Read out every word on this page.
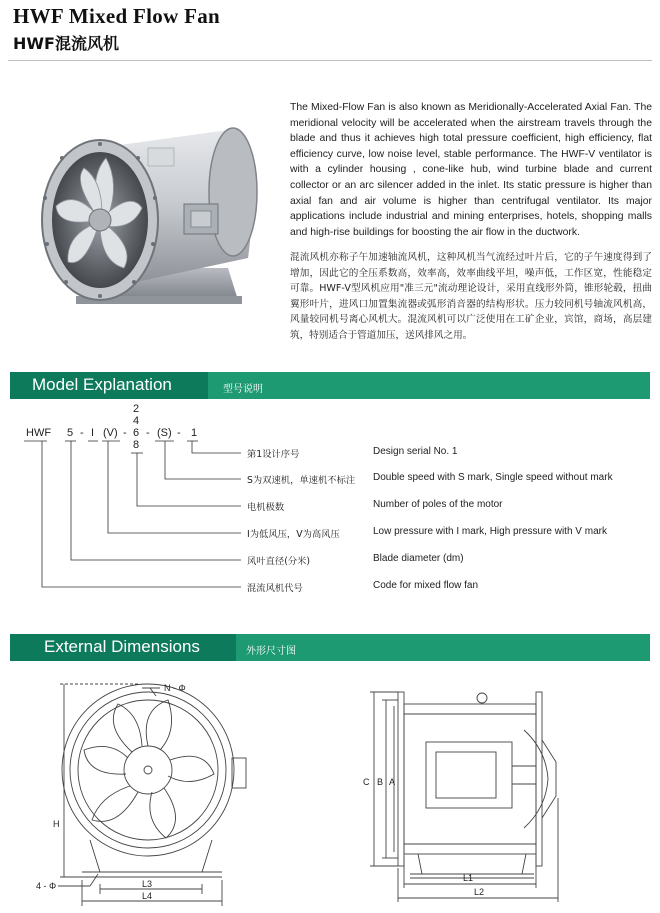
HWF Mixed Flow Fan
HWF混流风机
The Mixed-Flow Fan is also known as Meridionally-Accelerated Axial Fan. The meridional velocity will be accelerated when the airstream travels through the blade and thus it achieves high total pressure coefficient, high efficiency, flat efficiency curve, low noise level, stable performance. The HWF-V ventilator is with a cylinder housing , cone-like hub, wind turbine blade and current collector or an arc silencer added in the inlet. Its static pressure is higher than axial fan and air volume is higher than centrifugal ventilator. Its major applications include industrial and mining enterprises, hotels, shopping malls and high-rise buildings for boosting the air flow in the ductwork.
混流风机亦称子午加速轴流风机，这种风机当气流经过叶片后，它的子午速度得到了增加，因此它的全压系数高，效率高，效率曲线平坦，噪声低，工作区宽，性能稳定可靠。HWF-V型风机应用"准三元"流动理论设计，采用直线形外筒，锥形轮毂，扭曲翼形叶片，进风口加置集流器或弧形消音器的结构形状。压力较同机号轴流风机高，风量较同机号离心风机大。混流风机可以广泛使用在工矿企业，宾馆，商场，高层建筑，特别适合于管道加压，送风排风之用。
Model Explanation	型号说明
HWF 5 - I (V) -
2
4
6
8
- (S) - 1
第1设计序号	Design serial No. 1
S为双速机，单速机不标注 Double speed with S mark, Single speed without mark
电机极数	Number of poles of the motor
I为低风压，V为高风压	Low pressure with I mark, High pressure with V mark
风叶直径(分米)	Blade diameter (dm)
混流风机代号	Code for mixed flow fan
External Dimensions	外形尺寸图
N - Φ
H
4 - Φ	L3
L4
C B A
L1
L2
